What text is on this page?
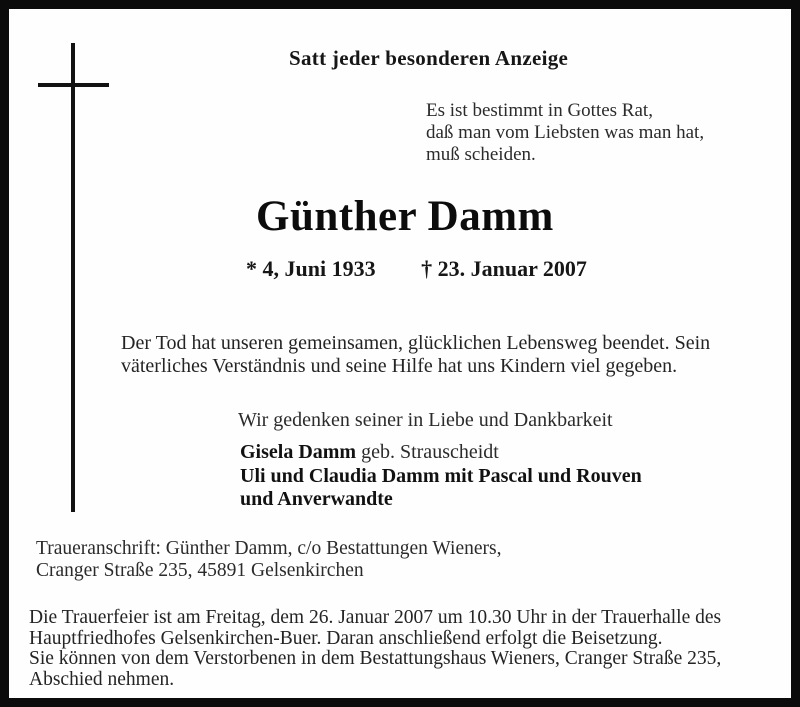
Satt jeder besonderen Anzeige
Es ist bestimmt in Gottes Rat,
daß man vom Liebsten was man hat,
muß scheiden.
Günther Damm
* 4, Juni 1933 † 23. Januar 2007
Der Tod hat unseren gemeinsamen, glücklichen Lebensweg beendet. Sein
väterliches Verständnis und seine Hilfe hat uns Kindern viel gegeben.
Wir gedenken seiner in Liebe und Dankbarkeit
Gisela Damm geb. Strauscheidt
Uli und Claudia Damm mit Pascal und Rouven
und Anverwandte
Traueranschrift: Günther Damm, c/o Bestattungen Wieners,
Cranger Straße 235, 45891 Gelsenkirchen
Die Trauerfeier ist am Freitag, dem 26. Januar 2007 um 10.30 Uhr in der Trauerhalle des
Hauptfriedhofes Gelsenkirchen-Buer. Daran anschließend erfolgt die Beisetzung.
Sie können von dem Verstorbenen in dem Bestattungshaus Wieners, Cranger Straße 235,
Abschied nehmen.
